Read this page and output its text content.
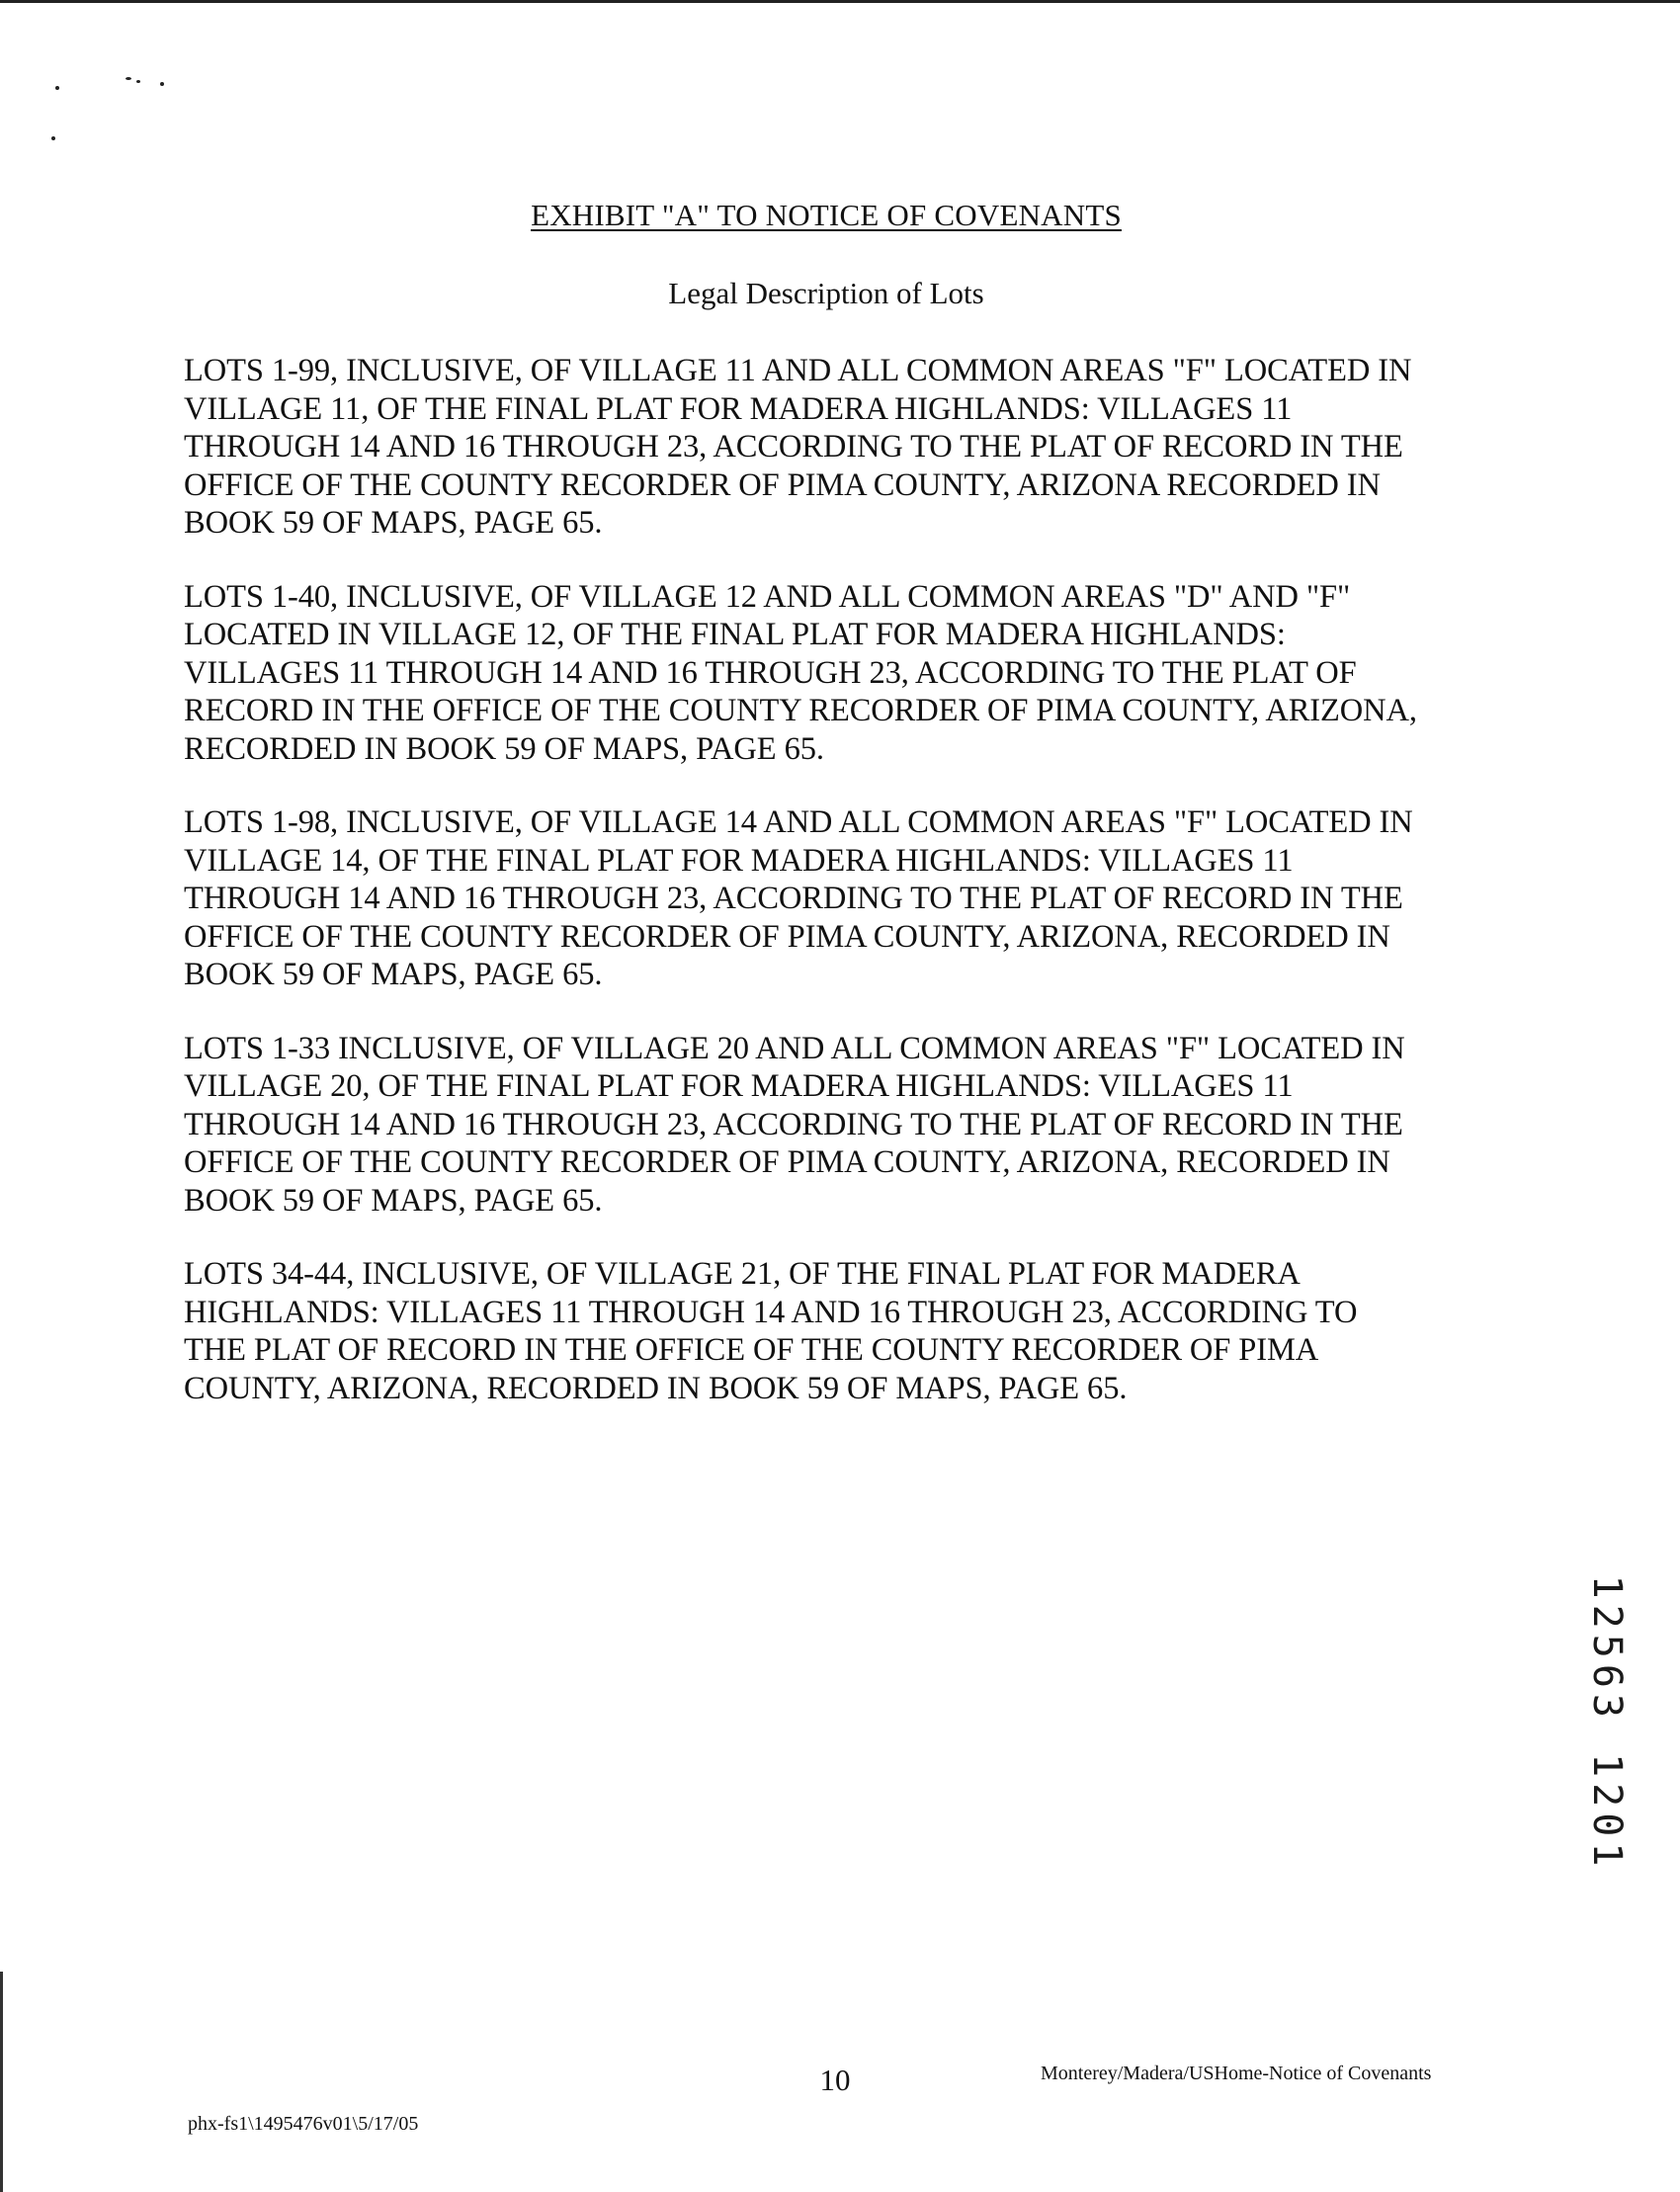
EXHIBIT "A" TO NOTICE OF COVENANTS
Legal Description of Lots
LOTS 1-99, INCLUSIVE, OF VILLAGE 11 AND ALL COMMON AREAS "F" LOCATED IN
VILLAGE 11, OF THE FINAL PLAT FOR MADERA HIGHLANDS: VILLAGES 11
THROUGH 14 AND 16 THROUGH 23, ACCORDING TO THE PLAT OF RECORD IN THE
OFFICE OF THE COUNTY RECORDER OF PIMA COUNTY, ARIZONA RECORDED IN
BOOK 59 OF MAPS, PAGE 65.
LOTS 1-40, INCLUSIVE, OF VILLAGE 12 AND ALL COMMON AREAS "D" AND "F"
LOCATED IN VILLAGE 12, OF THE FINAL PLAT FOR MADERA HIGHLANDS:
VILLAGES 11 THROUGH 14 AND 16 THROUGH 23, ACCORDING TO THE PLAT OF
RECORD IN THE OFFICE OF THE COUNTY RECORDER OF PIMA COUNTY, ARIZONA,
RECORDED IN BOOK 59 OF MAPS, PAGE 65.
LOTS 1-98, INCLUSIVE, OF VILLAGE 14 AND ALL COMMON AREAS "F" LOCATED IN
VILLAGE 14, OF THE FINAL PLAT FOR MADERA HIGHLANDS: VILLAGES 11
THROUGH 14 AND 16 THROUGH 23, ACCORDING TO THE PLAT OF RECORD IN THE
OFFICE OF THE COUNTY RECORDER OF PIMA COUNTY, ARIZONA, RECORDED IN
BOOK 59 OF MAPS, PAGE 65.
LOTS 1-33 INCLUSIVE, OF VILLAGE 20 AND ALL COMMON AREAS "F" LOCATED IN
VILLAGE 20, OF THE FINAL PLAT FOR MADERA HIGHLANDS: VILLAGES 11
THROUGH 14 AND 16 THROUGH 23, ACCORDING TO THE PLAT OF RECORD IN THE
OFFICE OF THE COUNTY RECORDER OF PIMA COUNTY, ARIZONA, RECORDED IN
BOOK 59 OF MAPS, PAGE 65.
LOTS 34-44, INCLUSIVE, OF VILLAGE 21, OF THE FINAL PLAT FOR MADERA
HIGHLANDS: VILLAGES 11 THROUGH 14 AND 16 THROUGH 23, ACCORDING TO
THE PLAT OF RECORD IN THE OFFICE OF THE COUNTY RECORDER OF PIMA
COUNTY, ARIZONA, RECORDED IN BOOK 59 OF MAPS, PAGE 65.
12563 1201
10	Monterey/Madera/USHome-Notice of Covenants
phx-fs1\1495476v01\5/17/05
